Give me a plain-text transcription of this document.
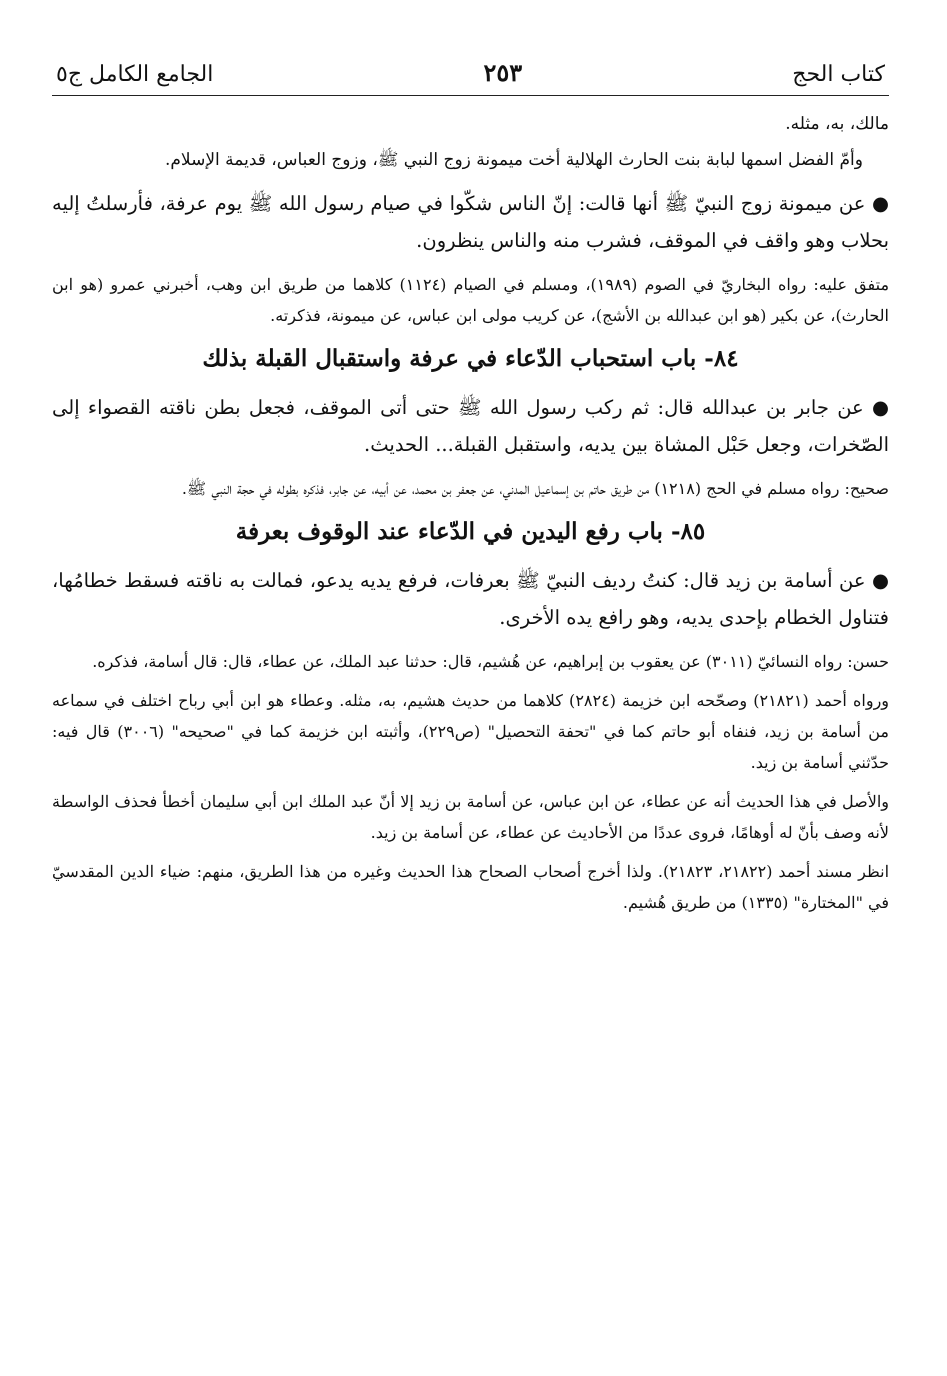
كتاب الحج
٢٥٣
الجامع الكامل ج٥

مالك، به، مثله.

وأمّ الفضل اسمها لبابة بنت الحارث الهلالية أخت ميمونة زوج النبي ﷺ، وزوج العباس، قديمة الإسلام.

● عن ميمونة زوج النبيّ ﷺ أنها قالت: إنّ الناس شكّوا في صيام رسول الله ﷺ يوم عرفة، فأرسلتُ إليه بحلاب وهو واقف في الموقف، فشرب منه والناس ينظرون.

متفق عليه: رواه البخاريّ في الصوم (١٩٨٩)، ومسلم في الصيام (١١٢٤) كلاهما من طريق ابن وهب، أخبرني عمرو (هو ابن الحارث)، عن بكير (هو ابن عبدالله بن الأشج)، عن كريب مولى ابن عباس، عن ميمونة، فذكرته.

٨٤- باب استحباب الدّعاء في عرفة واستقبال القبلة بذلك

● عن جابر بن عبدالله قال: ثم ركب رسول الله ﷺ حتى أتى الموقف، فجعل بطن ناقته القصواء إلى الصّخرات، وجعل حَبْل المشاة بين يديه، واستقبل القبلة... الحديث.

صحيح: رواه مسلم في الحج (١٢١٨) من طريق حاتم بن إسماعيل المدني، عن جعفر بن محمد، عن أبيه، عن جابر، فذكره بطوله في حجة النبي ﷺ.

٨٥- باب رفع اليدين في الدّعاء عند الوقوف بعرفة

● عن أسامة بن زيد قال: كنتُ رديف النبيّ ﷺ بعرفات، فرفع يديه يدعو، فمالت به ناقته فسقط خطامُها، فتناول الخطام بإحدى يديه، وهو رافع يده الأخرى.

حسن: رواه النسائيّ (٣٠١١) عن يعقوب بن إبراهيم، عن هُشيم، قال: حدثنا عبد الملك، عن عطاء، قال: قال أسامة، فذكره.

ورواه أحمد (٢١٨٢١) وصحّحه ابن خزيمة (٢٨٢٤) كلاهما من حديث هشيم، به، مثله. وعطاء هو ابن أبي رباح اختلف في سماعه من أسامة بن زيد، فنفاه أبو حاتم كما في "تحفة التحصيل" (ص٢٢٩)، وأثبته ابن خزيمة كما في "صحيحه" (٣٠٠٦) قال فيه: حدّثني أسامة بن زيد.

والأصل في هذا الحديث أنه عن عطاء، عن ابن عباس، عن أسامة بن زيد إلا أنّ عبد الملك ابن أبي سليمان أخطأ فحذف الواسطة لأنه وصف بأنّ له أوهامًا، فروى عددًا من الأحاديث عن عطاء، عن أسامة بن زيد.

انظر مسند أحمد (٢١٨٢٢، ٢١٨٢٣). ولذا أخرج أصحاب الصحاح هذا الحديث وغيره من هذا الطريق، منهم: ضياء الدين المقدسيّ في "المختارة" (١٣٣٥) من طريق هُشيم.
